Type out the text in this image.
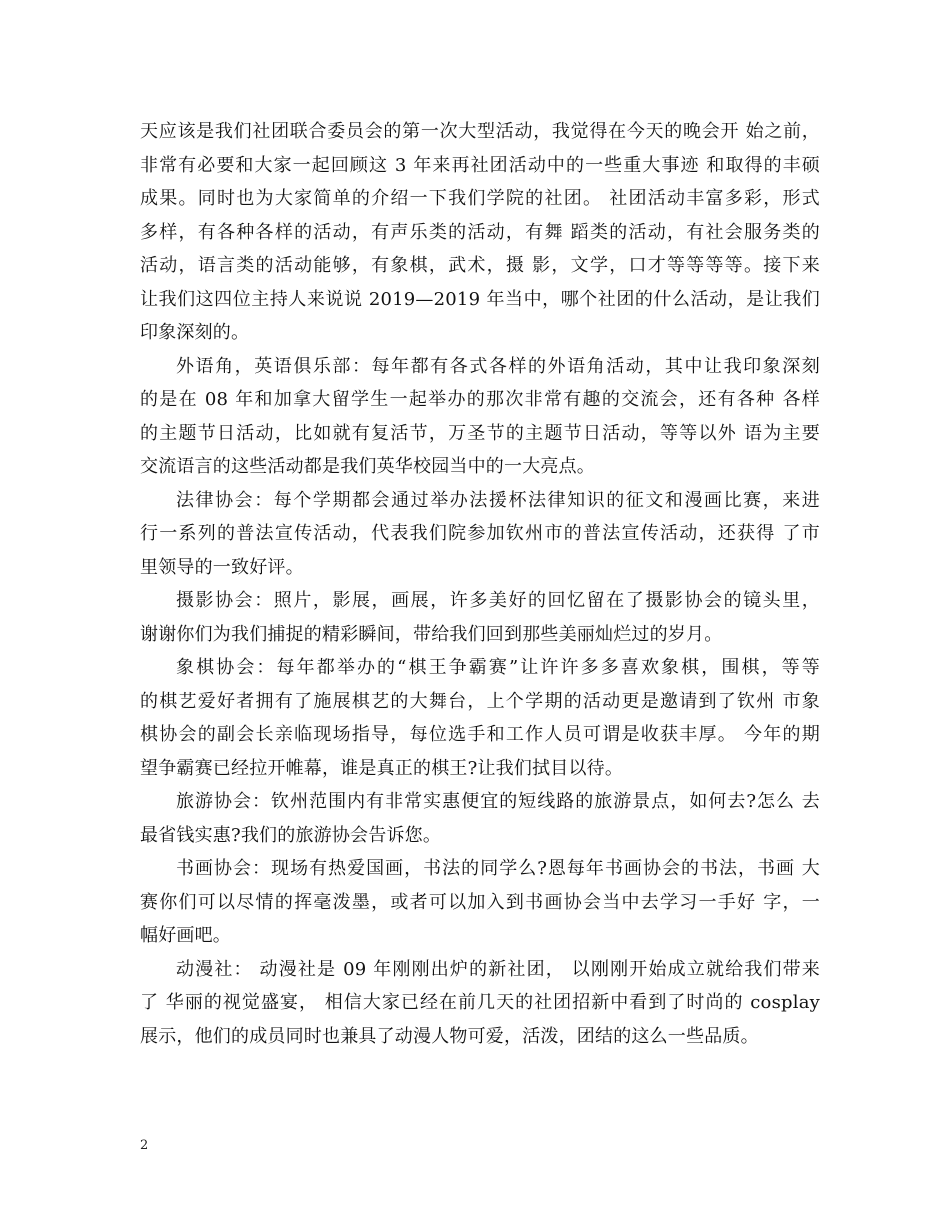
天应该是我们社团联合委员会的第一次大型活动，我觉得在今天的晚会开 始之前，
非常有必要和大家一起回顾这 3 年来再社团活动中的一些重大事迹 和取得的丰硕
成果。同时也为大家简单的介绍一下我们学院的社团。 社团活动丰富多彩，形式
多样，有各种各样的活动，有声乐类的活动，有舞 蹈类的活动，有社会服务类的
活动，语言类的活动能够，有象棋，武术，摄 影，文学，口才等等等等。接下来
让我们这四位主持人来说说 2019—2019 年当中，哪个社团的什么活动，是让我们
印象深刻的。
外语角，英语俱乐部：每年都有各式各样的外语角活动，其中让我印象深刻
的是在 08 年和加拿大留学生一起举办的那次非常有趣的交流会，还有各种 各样
的主题节日活动，比如就有复活节，万圣节的主题节日活动，等等以外 语为主要
交流语言的这些活动都是我们英华校园当中的一大亮点。
法律协会：每个学期都会通过举办法援杯法律知识的征文和漫画比赛，来进
行一系列的普法宣传活动，代表我们院参加钦州市的普法宣传活动，还获得 了市
里领导的一致好评。
摄影协会：照片，影展，画展，许多美好的回忆留在了摄影协会的镜头里，
谢谢你们为我们捕捉的精彩瞬间，带给我们回到那些美丽灿烂过的岁月。
象棋协会：每年都举办的“棋王争霸赛”让许许多多喜欢象棋，围棋，等等
的棋艺爱好者拥有了施展棋艺的大舞台，上个学期的活动更是邀请到了钦州 市象
棋协会的副会长亲临现场指导，每位选手和工作人员可谓是收获丰厚。 今年的期
望争霸赛已经拉开帷幕，谁是真正的棋王?让我们拭目以待。
旅游协会：钦州范围内有非常实惠便宜的短线路的旅游景点，如何去?怎么 去
最省钱实惠?我们的旅游协会告诉您。
书画协会：现场有热爱国画，书法的同学么?恩每年书画协会的书法，书画 大
赛你们可以尽情的挥毫泼墨，或者可以加入到书画协会当中去学习一手好 字，一
幅好画吧。
动漫社： 动漫社是 09 年刚刚出炉的新社团， 以刚刚开始成立就给我们带来
了 华丽的视觉盛宴， 相信大家已经在前几天的社团招新中看到了时尚的 cosplay
展示，他们的成员同时也兼具了动漫人物可爱，活泼，团结的这么一些品质。
2
